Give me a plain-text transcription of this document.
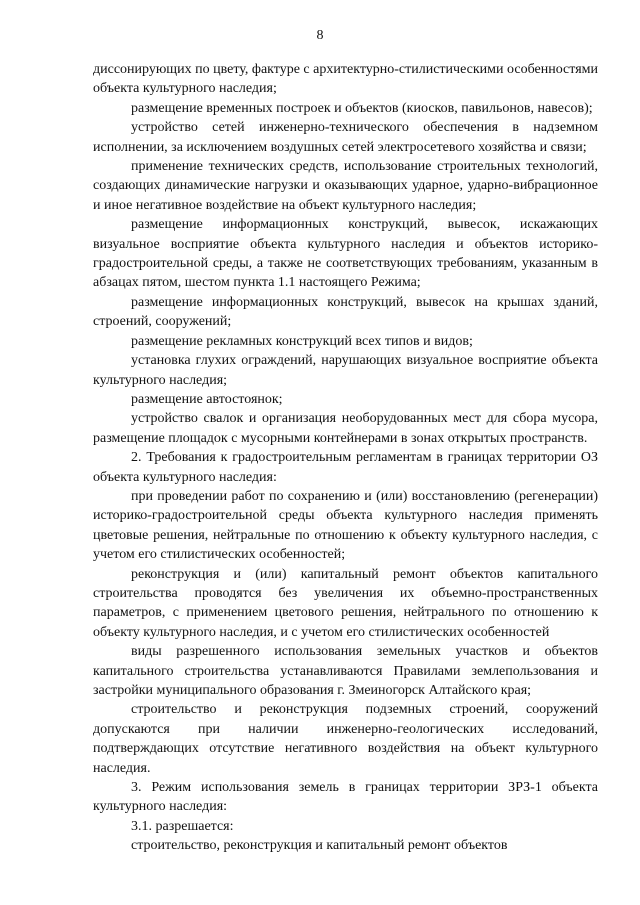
8

диссонирующих по цвету, фактуре с архитектурно-стилистическими особенностями объекта культурного наследия;

размещение временных построек и объектов (киосков, павильонов, навесов);

устройство сетей инженерно-технического обеспечения в надземном исполнении, за исключением воздушных сетей электросетевого хозяйства и связи;

применение технических средств, использование строительных технологий, создающих динамические нагрузки и оказывающих ударное, ударно-вибрационное и иное негативное воздействие на объект культурного наследия;

размещение информационных конструкций, вывесок, искажающих визуальное восприятие объекта культурного наследия и объектов историко-градостроительной среды, а также не соответствующих требованиям, указанным в абзацах пятом, шестом пункта 1.1 настоящего Режима;

размещение информационных конструкций, вывесок на крышах зданий, строений, сооружений;

размещение рекламных конструкций всех типов и видов;

установка глухих ограждений, нарушающих визуальное восприятие объекта культурного наследия;

размещение автостоянок;

устройство свалок и организация необорудованных мест для сбора мусора, размещение площадок с мусорными контейнерами в зонах открытых пространств.

2. Требования к градостроительным регламентам в границах территории ОЗ объекта культурного наследия:

при проведении работ по сохранению и (или) восстановлению (регенерации) историко-градостроительной среды объекта культурного наследия применять цветовые решения, нейтральные по отношению к объекту культурного наследия, с учетом его стилистических особенностей;

реконструкция и (или) капитальный ремонт объектов капитального строительства проводятся без увеличения их объемно-пространственных параметров, с применением цветового решения, нейтрального по отношению к объекту культурного наследия, и с учетом его стилистических особенностей

виды разрешенного использования земельных участков и объектов капитального строительства устанавливаются Правилами землепользования и застройки муниципального образования г. Змеиногорск Алтайского края;

строительство и реконструкция подземных строений, сооружений допускаются при наличии инженерно-геологических исследований, подтверждающих отсутствие негативного воздействия на объект культурного наследия.

3. Режим использования земель в границах территории ЗРЗ-1 объекта культурного наследия:

3.1. разрешается:

строительство, реконструкция и капитальный ремонт объектов
